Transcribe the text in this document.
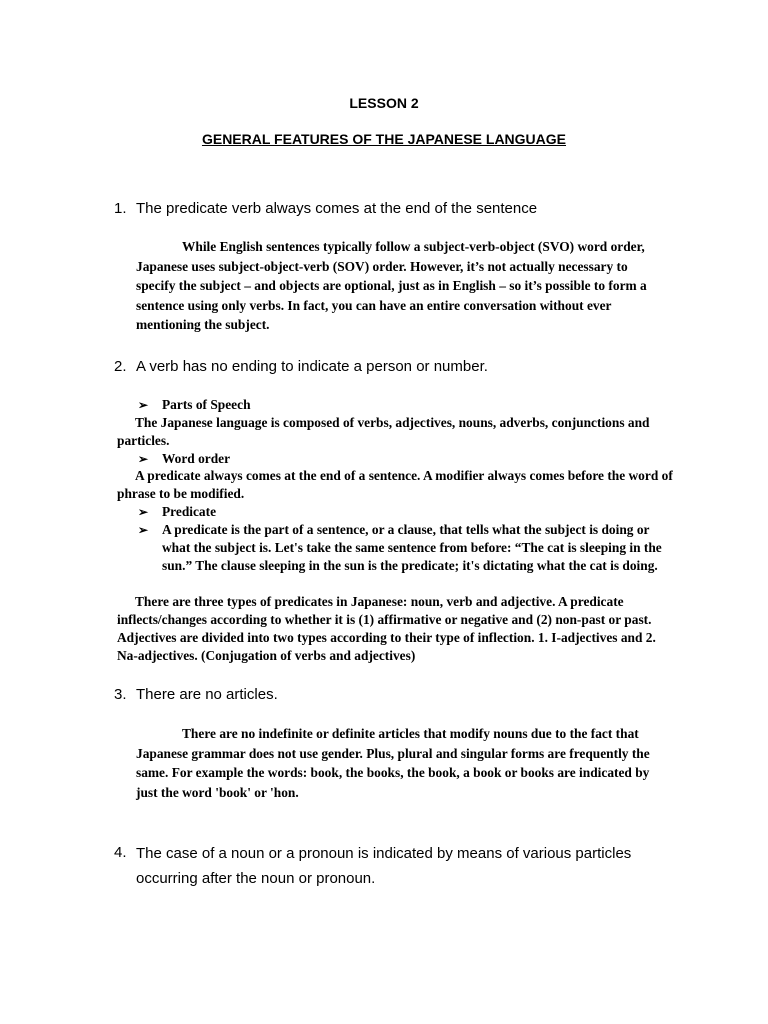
LESSON 2
GENERAL FEATURES OF THE JAPANESE LANGUAGE
1. The predicate verb always comes at the end of the sentence
While English sentences typically follow a subject-verb-object (SVO) word order, Japanese uses subject-object-verb (SOV) order. However, it’s not actually necessary to specify the subject – and objects are optional, just as in English – so it’s possible to form a sentence using only verbs. In fact, you can have an entire conversation without ever mentioning the subject.
2. A verb has no ending to indicate a person or number.
➢	Parts of Speech
The Japanese language is composed of verbs, adjectives, nouns, adverbs, conjunctions and particles.
➢	Word order
A predicate always comes at the end of a sentence. A modifier always comes before the word of phrase to be modified.
➢	Predicate
➢	A predicate is the part of a sentence, or a clause, that tells what the subject is doing or what the subject is. Let's take the same sentence from before: “The cat is sleeping in the sun.” The clause sleeping in the sun is the predicate; it's dictating what the cat is doing.
There are three types of predicates in Japanese: noun, verb and adjective. A predicate inflects/changes according to whether it is (1) affirmative or negative and (2) non-past or past. Adjectives are divided into two types according to their type of inflection. 1. I-adjectives and 2. Na-adjectives. (Conjugation of verbs and adjectives)
3. There are no articles.
There are no indefinite or definite articles that modify nouns due to the fact that Japanese grammar does not use gender. Plus, plural and singular forms are frequently the same. For example the words: book, the books, the book, a book or books are indicated by just the word 'book' or 'hon.
4. The case of a noun or a pronoun is indicated by means of various particles occurring after the noun or pronoun.
